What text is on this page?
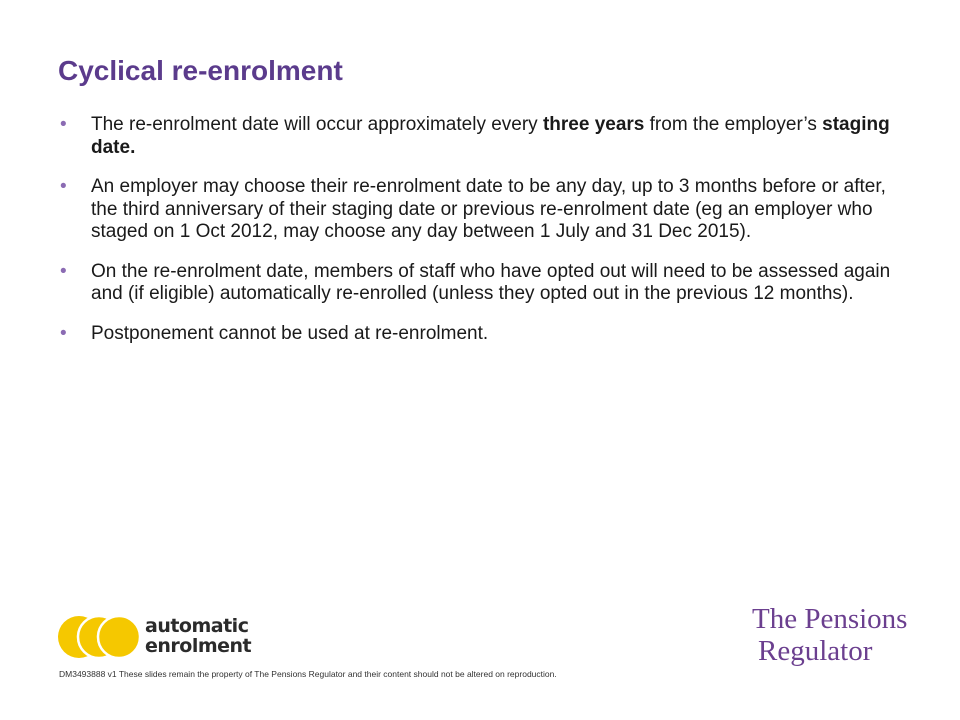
Cyclical re-enrolment
• The re-enrolment date will occur approximately every three years from the employer’s staging date.
• An employer may choose their re-enrolment date to be any day, up to 3 months before or after, the third anniversary of their staging date or previous re-enrolment date (eg an employer who staged on 1 Oct 2012, may choose any day between 1 July and 31 Dec 2015).
• On the re-enrolment date, members of staff who have opted out will need to be assessed again and (if eligible) automatically re-enrolled (unless they opted out in the previous 12 months).
• Postponement cannot be used at re-enrolment.
automatic
enrolment
The Pensions
Regulator
DM3493888 v1 These slides remain the property of The Pensions Regulator and their content should not be altered on reproduction.
